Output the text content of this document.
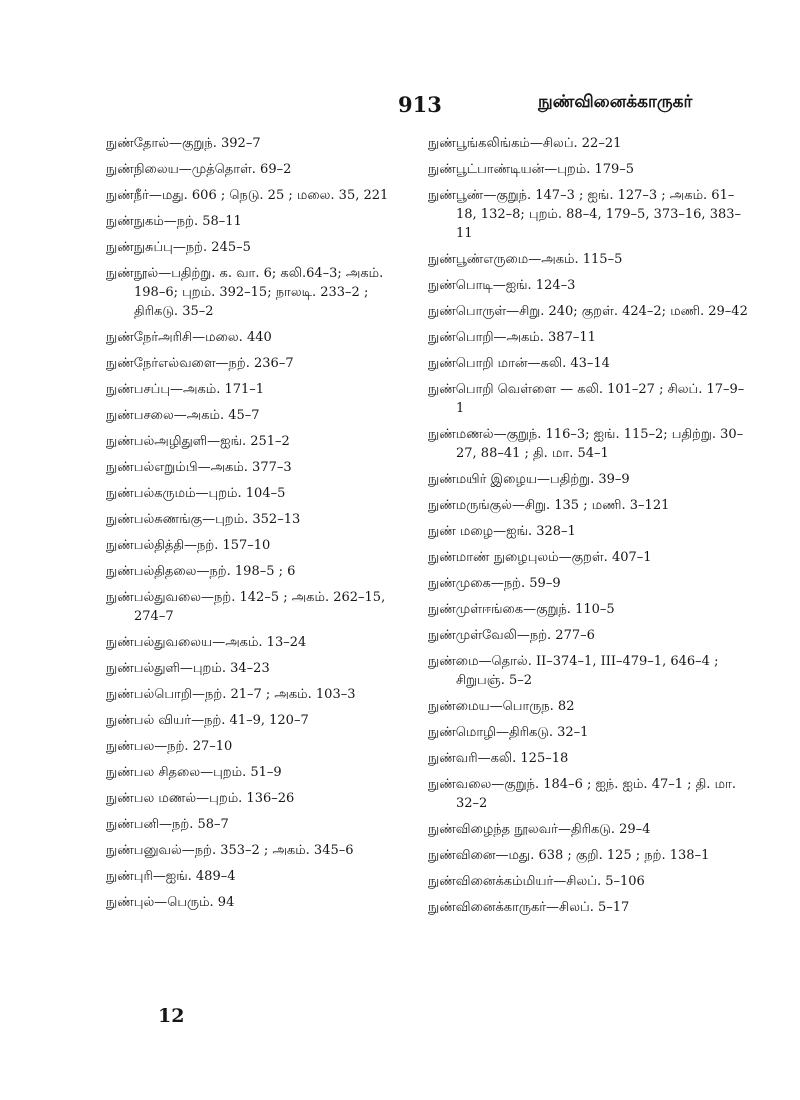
913	நுண்வினைக்காருகர்

நுண்தோல்—குறுந். 392–7

நுண்நிலைய—முத்தொள். 69–2

நுண்நீர்—மது. 606 ; நெடு. 25 ; மலை. 35, 221

நுண்நுகம்—நற். 58–11

நுண்நுசுப்பு—நற். 245–5

நுண்நூல்—பதிற்று. க. வா. 6; கலி.64–3; அகம். 198–6; புறம். 392–15; நாலடி. 233–2 ; திரிகடு. 35–2

நுண்நேர்அரிசி—மலை. 440

நுண்நேர்எல்வளை—நற். 236–7

நுண்பசப்பு—அகம். 171–1

நுண்பசலை—அகம். 45–7

நுண்பல்அழிதுளி—ஐங். 251–2

நுண்பல்எறும்பி—அகம். 377–3

நுண்பல்கருமம்—புறம். 104–5

நுண்பல்சுணங்கு—புறம். 352–13

நுண்பல்தித்தி—நற். 157–10

நுண்பல்திதலை—நற். 198–5 ; 6

நுண்பல்துவலை—நற். 142–5 ; அகம். 262–15, 274–7

நுண்பல்துவலைய—அகம். 13–24

நுண்பல்துளி—புறம். 34–23

நுண்பல்பொறி—நற். 21–7 ; அகம். 103–3

நுண்பல் வியர்—நற். 41–9, 120–7

நுண்பல—நற். 27–10

நுண்பல சிதலை—புறம். 51–9

நுண்பல மணல்—புறம். 136–26

நுண்பனி—நற். 58–7

நுண்பனுவல்—நற். 353–2 ; அகம். 345–6

நுண்புரி—ஐங். 489–4

நுண்புல்—பெரும். 94

நுண்பூங்கலிங்கம்—சிலப். 22–21

நுண்பூட்பாண்டியன்—புறம். 179–5

நுண்பூண்—குறுந். 147–3 ; ஐங். 127–3 ; அகம். 61–18, 132–8; புறம். 88–4, 179–5, 373–16, 383–11

நுண்பூண்எருமை—அகம். 115–5

நுண்பொடி—ஐங். 124–3

நுண்பொருள்—சிறு. 240; குறள். 424–2; மணி. 29–42

நுண்பொறி—அகம். 387–11

நுண்பொறி மான்—கலி. 43–14

நுண்பொறி வெள்ளை — கலி. 101–27 ; சிலப். 17–9–1

நுண்மணல்—குறுந். 116–3; ஐங். 115–2; பதிற்று. 30–27, 88–41 ; தி. மா. 54–1

நுண்மயிர் இழைய—பதிற்று. 39–9

நுண்மருங்குல்—சிறு. 135 ; மணி. 3–121

நுண் மழை—ஐங். 328–1

நுண்மாண் நுழைபுலம்—குறள். 407–1

நுண்முகை—நற். 59–9

நுண்முள்ஈங்கை—குறுந். 110–5

நுண்முள்வேலி—நற். 277–6

நுண்மை—தொல். II–374–1, III–479–1, 646–4 ; சிறுபஞ். 5–2

நுண்மைய—பொருந. 82

நுண்மொழி—திரிகடு. 32–1

நுண்வரி—கலி. 125–18

நுண்வலை—குறுந். 184–6 ; ஐந். ஐம். 47–1 ; தி. மா. 32–2

நுண்விழைந்த நூலவர்—திரிகடு. 29–4

நுண்வினை—மது. 638 ; குறி. 125 ; நற். 138–1

நுண்வினைக்கம்மியர்—சிலப். 5–106

நுண்வினைக்காருகர்—சிலப். 5–17

12
